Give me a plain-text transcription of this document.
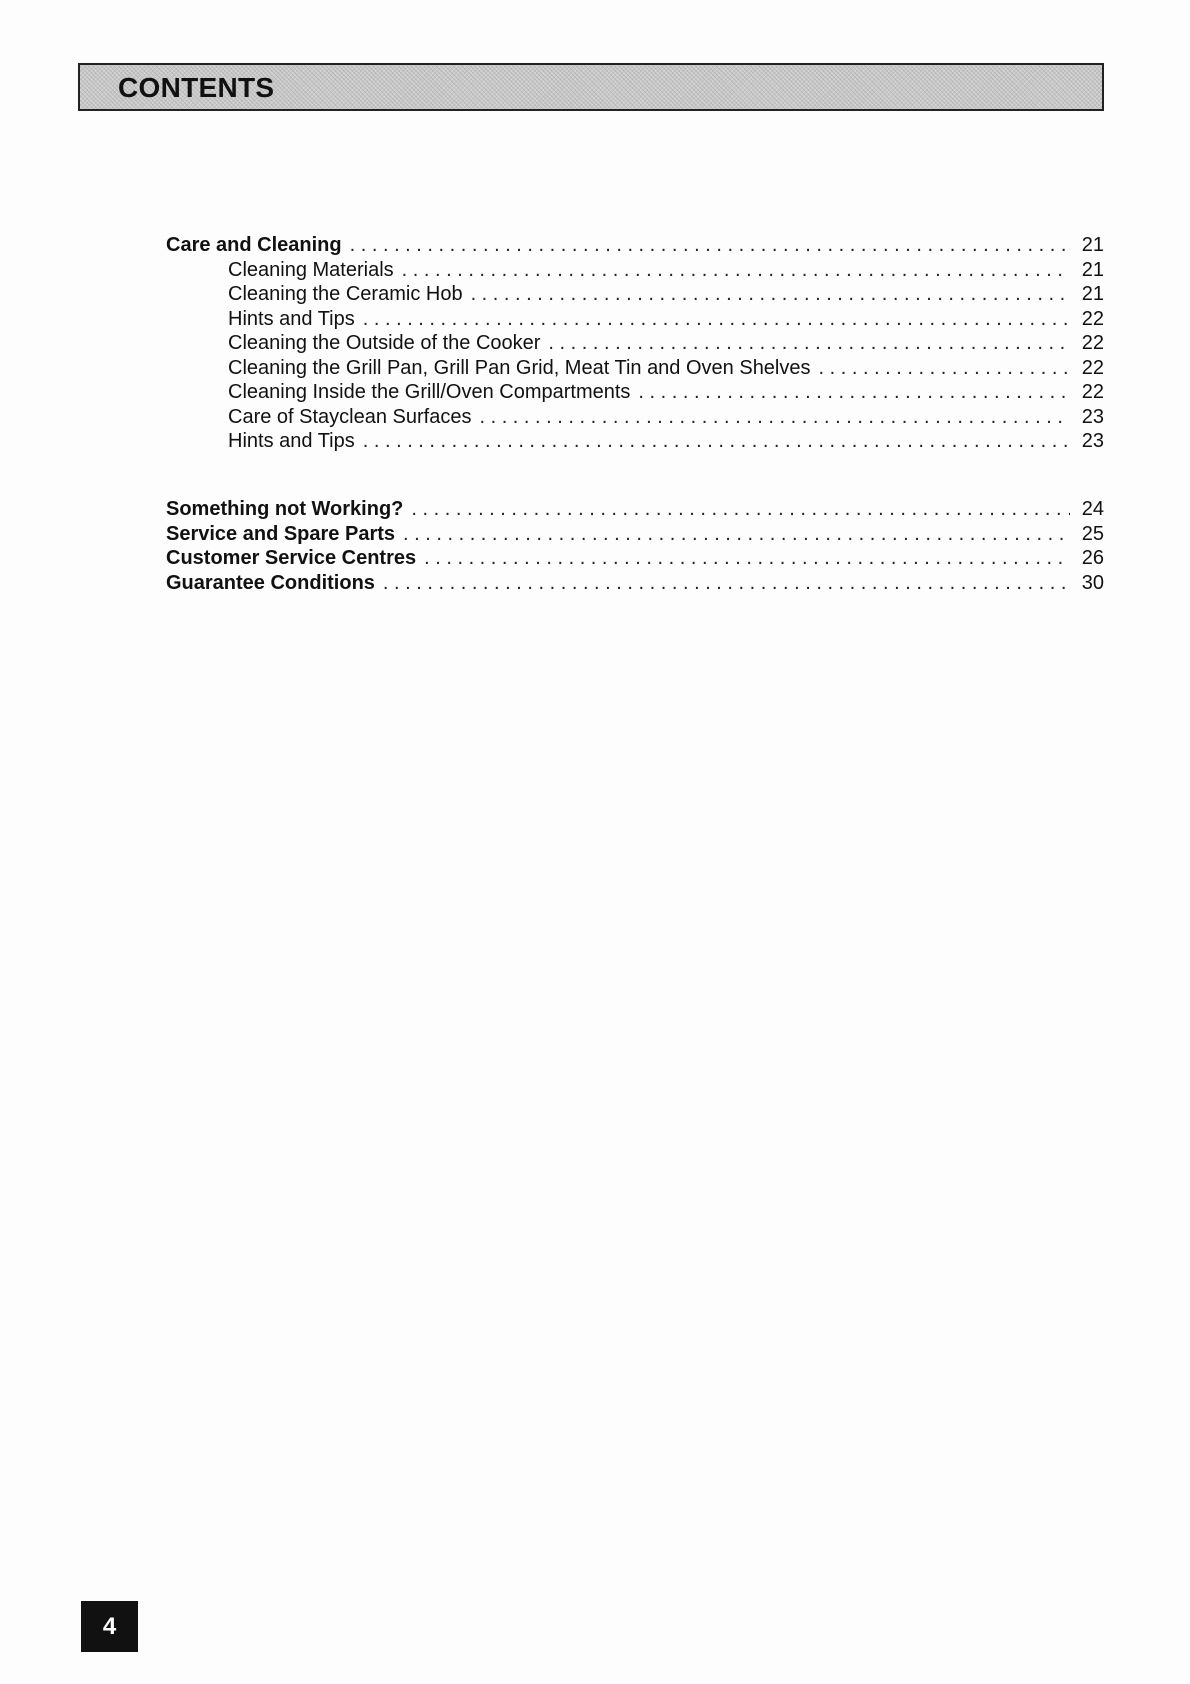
CONTENTS
Care and Cleaning . . .	21
Cleaning Materials . . .	21
Cleaning the Ceramic Hob . . .	21
Hints and Tips . . .	22
Cleaning the Outside of the Cooker . . .	22
Cleaning the Grill Pan, Grill Pan Grid, Meat Tin and Oven Shelves . . .	22
Cleaning Inside the Grill/Oven Compartments . . .	22
Care of Stayclean Surfaces . . .	23
Hints and Tips . . .	23
Something not Working? . . .	24
Service and Spare Parts . . .	25
Customer Service Centres . . .	26
Guarantee Conditions . . .	30
4
